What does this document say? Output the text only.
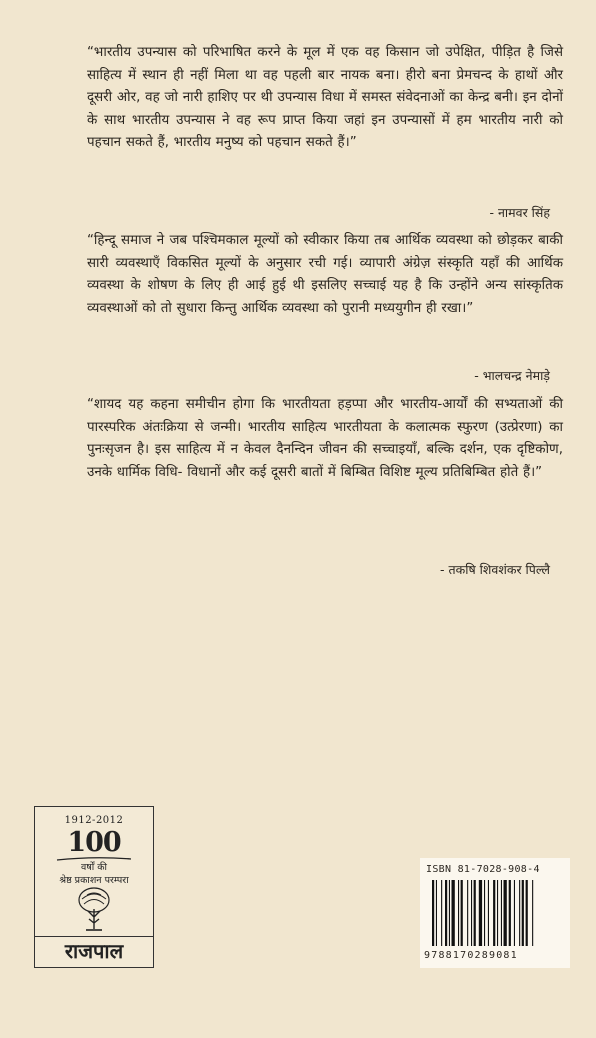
“भारतीय उपन्यास को परिभाषित करने के मूल में एक वह किसान जो उपेक्षित, पीड़ित है जिसे साहित्य में स्थान ही नहीं मिला था वह पहली बार नायक बना। हीरो बना प्रेमचन्द के हाथों और दूसरी ओर, वह जो नारी हाशिए पर थी उपन्यास विधा में समस्त संवेदनाओं का केन्द्र बनी। इन दोनों के साथ भारतीय उपन्यास ने वह रूप प्राप्त किया जहां इन उपन्यासों में हम भारतीय नारी को पहचान सकते हैं, भारतीय मनुष्य को पहचान सकते हैं।”
- नामवर सिंह
“हिन्दू समाज ने जब पश्चिमकाल मूल्यों को स्वीकार किया तब आर्थिक व्यवस्था को छोड़कर बाकी सारी व्यवस्थाएँ विकसित मूल्यों के अनुसार रची गई। व्यापारी अंग्रेज़ संस्कृति यहाँ की आर्थिक व्यवस्था के शोषण के लिए ही आई हुई थी इसलिए सच्चाई यह है कि उन्होंने अन्य सांस्कृतिक व्यवस्थाओं को तो सुधारा किन्तु आर्थिक व्यवस्था को पुरानी मध्ययुगीन ही रखा।”
- भालचन्द्र नेमाड़े
“शायद यह कहना समीचीन होगा कि भारतीयता हड़प्पा और भारतीय-आर्यों की सभ्यताओं की पारस्परिक अंतःक्रिया से जन्मी। भारतीय साहित्य भारतीयता के कलात्मक स्फुरण (उत्प्रेरणा) का पुनःसृजन है। इस साहित्य में न केवल दैनन्दिन जीवन की सच्चाइयाँ, बल्कि दर्शन, एक दृष्टिकोण, उनके धार्मिक विधि- विधानों और कई दूसरी बातों में बिम्बित विशिष्ट मूल्य प्रतिबिम्बित होते हैं।”
- तकषि शिवशंकर पिल्लै
1912-2012
100
वर्षों की
श्रेष्ठ प्रकाशन परम्परा
राजपाल
ISBN 81-7028-908-4
9788170289081
